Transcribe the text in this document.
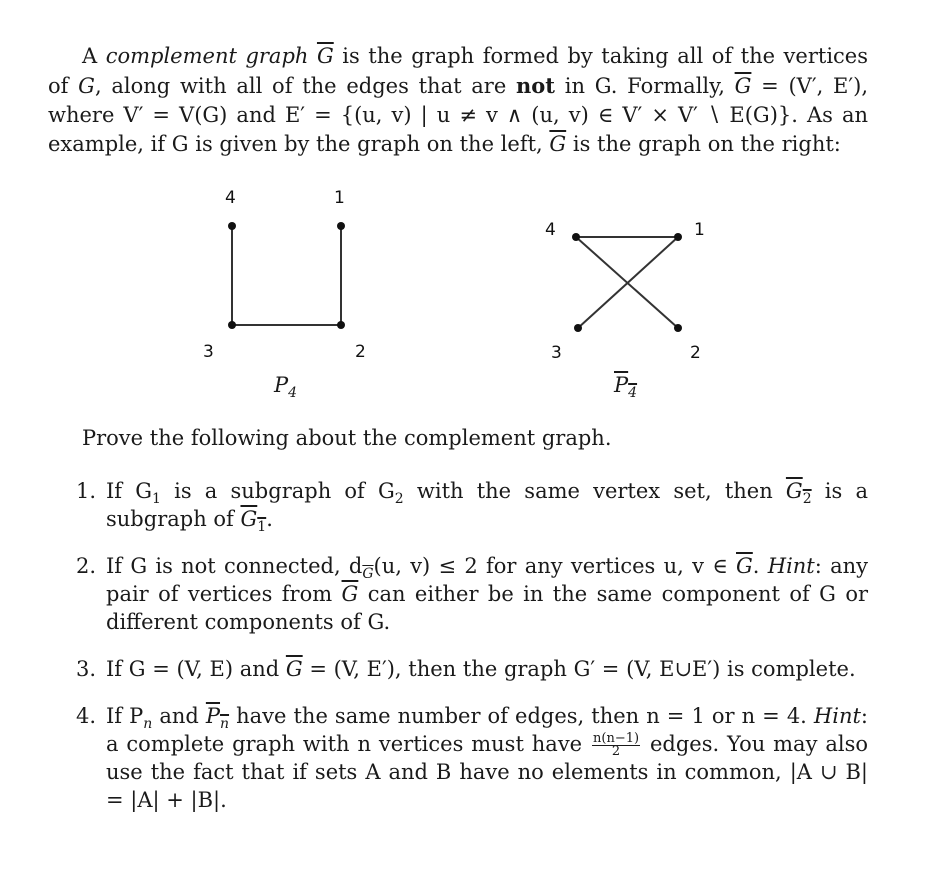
A complement graph $\overline{G}$ is the graph formed by taking all of the vertices of G, along with all of the edges that are not in G. Formally, $\overline{G} = (V'$, E′), where V′ = V(G) and E′ = {(u, v) | u ≠ v ∧ (u, v) ∈ V′ × V′ ∖ E(G)}. As an example, if G is given by the graph on the left, $\overline{G}$ is the graph on the right:
4	1
3	2
4	1
3	2
$P_4$	$P_4$
Prove the following about the complement graph.
1. If $G_1$ is a subgraph of $G_2$ with the same vertex set, then $G_2$ is a subgraph of $G_1$.
2. If G is not connected, $d_{\overline{G}}(u$, v) ≤ 2 for any vertices u, v ∈ $\overline{G}$. Hint: any pair of vertices from $\overline{G}$ can either be in the same component of G or different components of G.
3. If G = (V, E) and $\overline{G} = (V$, E′), then the graph G′ = (V, E∪E′) is complete.
4. If $P_n$ and $P_n$ have the same number of edges, then n = 1 or n = 4. Hint: a complete graph with n vertices must have $\frac{n(n-1)}{2}$ edges. You may also use the fact that if sets A and B have no elements in common, |A ∪ B| = |A| + |B|.
